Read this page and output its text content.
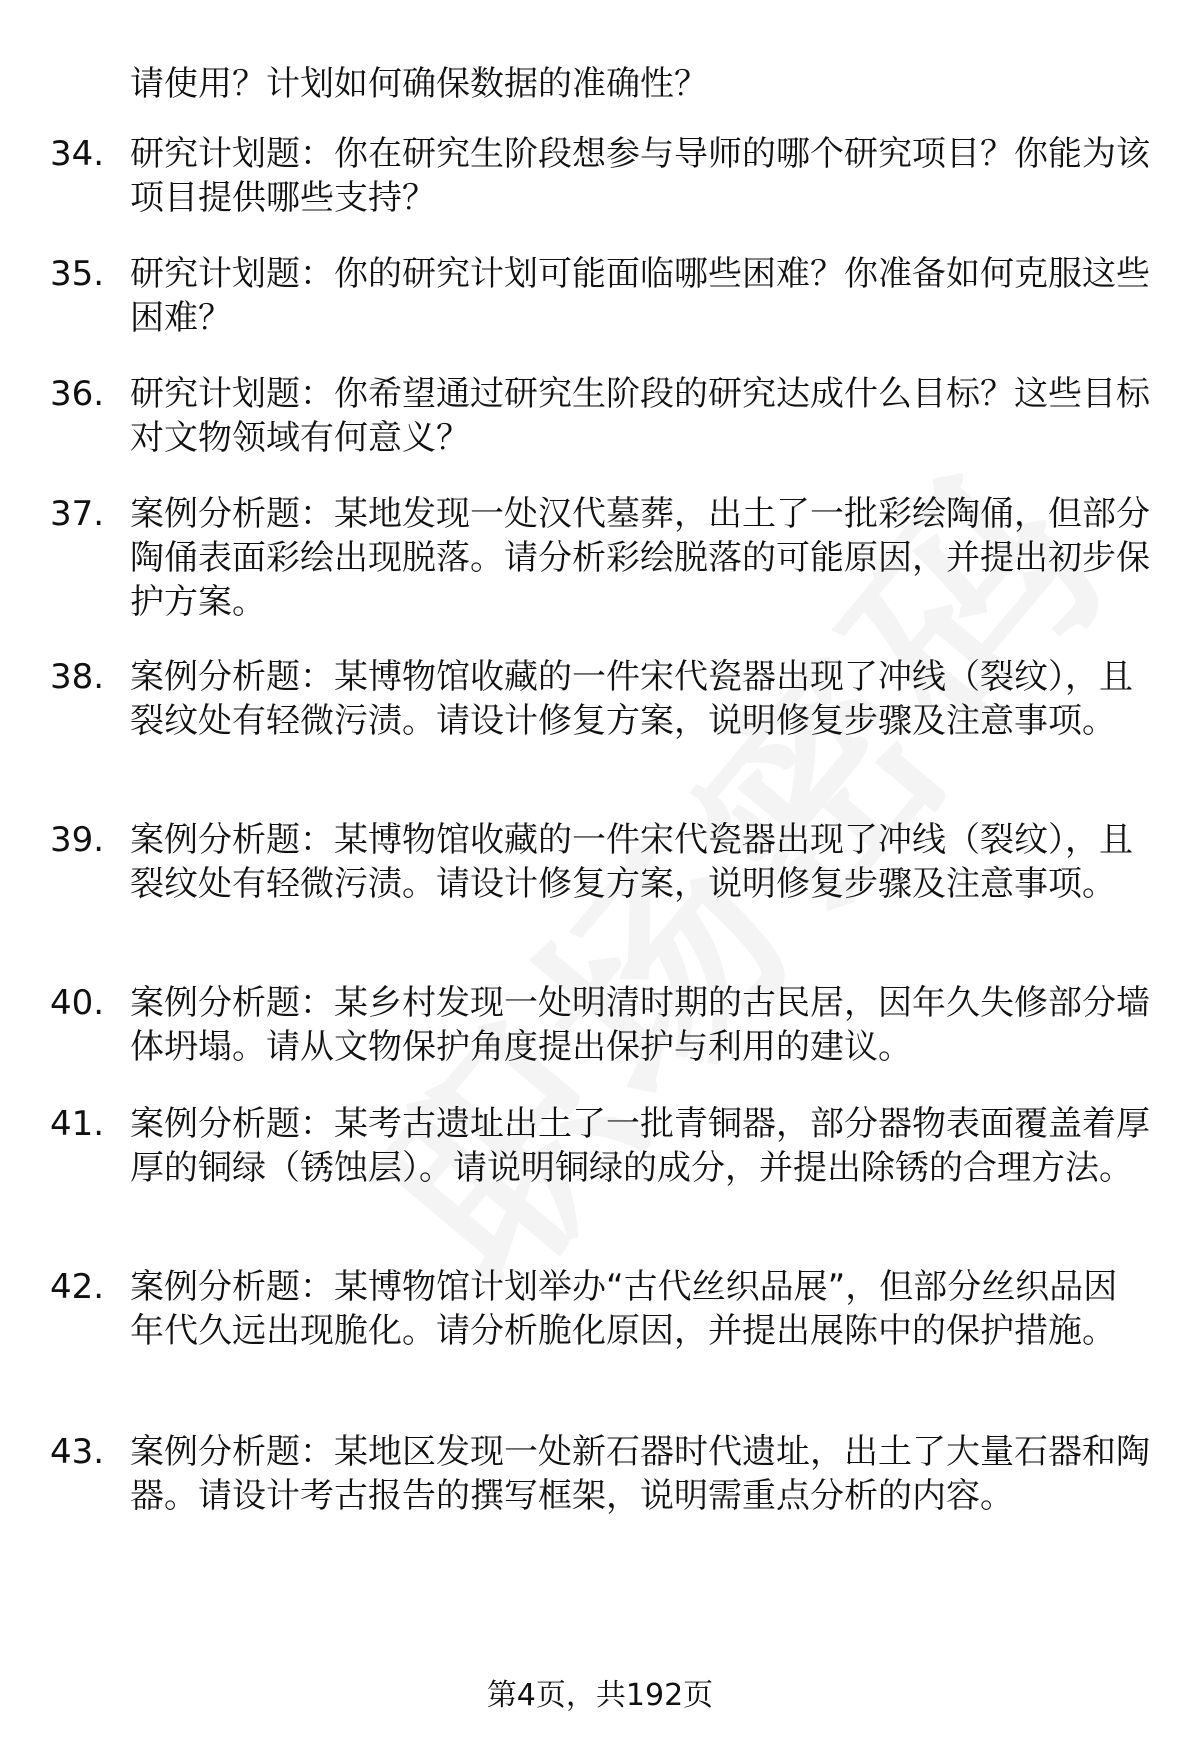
请使用？计划如何确保数据的准确性？
34. 研究计划题：你在研究生阶段想参与导师的哪个研究项目？你能为该项目提供哪些支持？
35. 研究计划题：你的研究计划可能面临哪些困难？你准备如何克服这些困难？
36. 研究计划题：你希望通过研究生阶段的研究达成什么目标？这些目标对文物领域有何意义？
37. 案例分析题：某地发现一处汉代墓葬，出土了一批彩绘陶俑，但部分陶俑表面彩绘出现脱落。请分析彩绘脱落的可能原因，并提出初步保护方案。
38. 案例分析题：某博物馆收藏的一件宋代瓷器出现了冲线（裂纹），且裂纹处有轻微污渍。请设计修复方案，说明修复步骤及注意事项。
39. 案例分析题：某博物馆收藏的一件宋代瓷器出现了冲线（裂纹），且裂纹处有轻微污渍。请设计修复方案，说明修复步骤及注意事项。
40. 案例分析题：某乡村发现一处明清时期的古民居，因年久失修部分墙体坍塌。请从文物保护角度提出保护与利用的建议。
41. 案例分析题：某考古遗址出土了一批青铜器，部分器物表面覆盖着厚厚的铜绿（锈蚀层）。请说明铜绿的成分，并提出除锈的合理方法。
42. 案例分析题：某博物馆计划举办“古代丝织品展”，但部分丝织品因年代久远出现脆化。请分析脆化原因，并提出展陈中的保护措施。
43. 案例分析题：某地区发现一处新石器时代遗址，出土了大量石器和陶器。请设计考古报告的撰写框架，说明需重点分析的内容。
第4页，共192页
